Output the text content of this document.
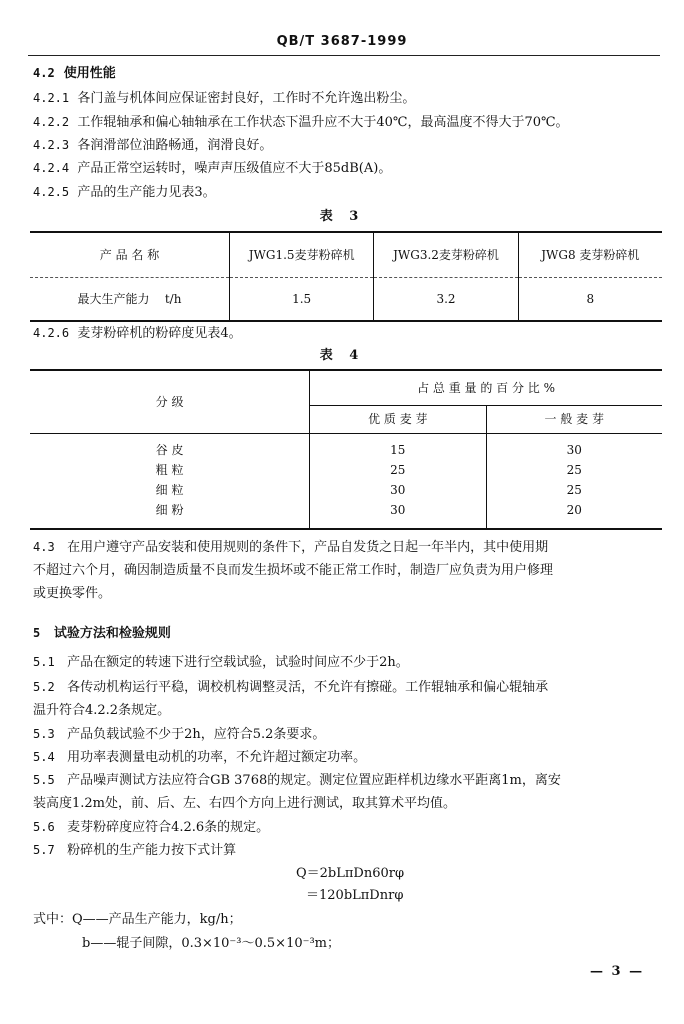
QB/T 3687-1999
4.2 使用性能
4.2.1 各门盖与机体间应保证密封良好，工作时不允许逸出粉尘。
4.2.2 工作辊轴承和偏心轴轴承在工作状态下温升应不大于40℃，最高温度不得大于70℃。
4.2.3 各润滑部位油路畅通，润滑良好。
4.2.4 产品正常空运转时，噪声声压级值应不大于85dB(A)。
4.2.5 产品的生产能力见表3。
表 3
产 品 名 称	JWG1.5麦芽粉碎机	JWG3.2麦芽粉碎机	JWG8 麦芽粉碎机
最大生产能力 t/h	1.5	3.2	8
4.2.6 麦芽粉碎机的粉碎度见表4。
表 4
分 级	占 总 重 量 的 百 分 比 %	
	优 质 麦 芽	一 般 麦 芽
谷 皮	15	30
粗 粒	25	25
细 粒	30	25
细 粉	30	20
4.3 在用户遵守产品安装和使用规则的条件下，产品自发货之日起一年半内，其中使用期
不超过六个月，确因制造质量不良而发生损坏或不能正常工作时，制造厂应负责为用户修理
或更换零件。
5 试验方法和检验规则
5.1 产品在额定的转速下进行空载试验，试验时间应不少于2h。
5.2 各传动机构运行平稳，调校机构调整灵活，不允许有擦碰。工作辊轴承和偏心辊轴承
温升符合4.2.2条规定。
5.3 产品负载试验不少于2h，应符合5.2条要求。
5.4 用功率表测量电动机的功率，不允许超过额定功率。
5.5 产品噪声测试方法应符合GB 3768的规定。测定位置应距样机边缘水平距离1m，离安
装高度1.2m处，前、后、左、右四个方向上进行测试，取其算术平均值。
5.6 麦芽粉碎度应符合4.2.6条的规定。
5.7 粉碎机的生产能力按下式计算
Q＝2bLπDn60rφ
＝120bLπDnrφ
式中：Q——产品生产能力，kg/h；
b——辊子间隙，0.3×10⁻³～0.5×10⁻³m；
— 3 —
